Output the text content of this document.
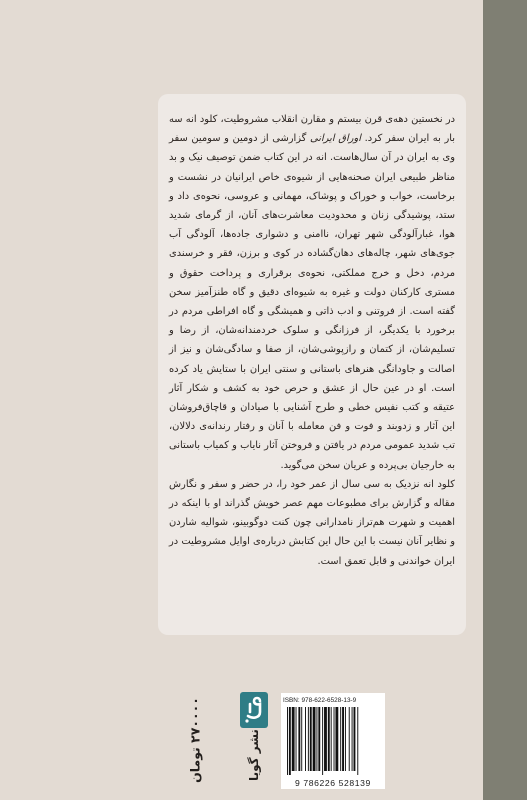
در نخستین دهه‌ی قرن بیستم و مقارن انقلاب مشروطیت، کلود انه سه بار به ایران سفر کرد. اوراق ایرانی گزارشی از دومین و سومین سفر وی به ایران در آن سال‌هاست. انه در این کتاب ضمن توصیف نیک و بد مناظر طبیعی ایران صحنه‌هایی از شیوه‌ی خاص ایرانیان در نشست و برخاست، خواب و خوراک و پوشاک، مهمانی و عروسی، نحوه‌ی داد و ستد، پوشیدگی زنان و محدودیت معاشرت‌های آنان، از گرمای شدید هوا، غبارآلودگی شهر تهران، ناامنی و دشواری جاده‌ها، آلودگی آب جوی‌های شهر، چاله‌های دهان‌گشاده در کوی و برزن، فقر و خرسندی مردم، دخل و خرج مملکتی، نحوه‌ی برقراری و پرداخت حقوق و مستری کارکنان دولت و غیره به شیوه‌ای دقیق و گاه طنزآمیز سخن گفته است. از فروتنی و ادب ذاتی و همیشگی و گاه افراطی مردم در برخورد با یکدیگر، از فرزانگی و سلوک خردمندانه‌شان، از رضا و تسلیم‌شان، از کتمان و رازپوشی‌شان، از صفا و سادگی‌شان و نیز از اصالت و جاودانگی هنرهای باستانی و سنتی ایران با ستایش یاد کرده است. او در عین حال از عشق و حرص خود به کشف و شکار آثار عتیقه و کتب نفیس خطی و طرح آشنایی با صیادان و قاچاق‌فروشان این آثار و زدوبند و فوت و فن معامله با آنان و رفتار رندانه‌ی دلالان، تب شدید عمومی مردم در یافتن و فروختن آثار نایاب و کمیاب باستانی به خارجیان بی‌پرده و عریان سخن می‌گوید.

کلود انه نزدیک به سی سال از عمر خود را، در حضر و سفر و نگارش مقاله و گزارش برای مطبوعات مهم عصر خویش گذراند او با اینکه در اهمیت و شهرت هم‌تراز نامدارانی چون کنت دوگوبینو، شوالیه شاردن و نظایر آنان نیست با این حال این کتابش درباره‌ی اوایل مشروطیت در ایران خواندنی و قابل تعمق است.

۲۷۰۰۰۰ تومان
نشر گویا
ISBN: 978-622-6528-13-9
9 786226 528139
